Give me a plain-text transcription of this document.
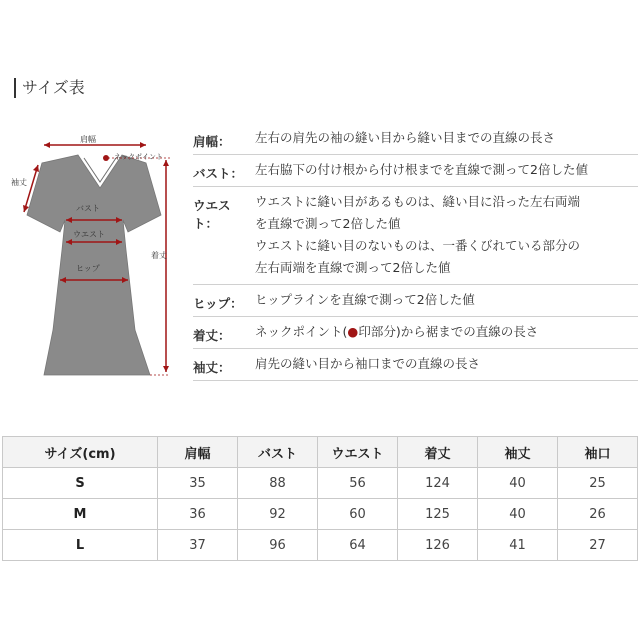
サイズ表
肩幅
ネックポイント
袖丈
バスト
ウエスト
ヒップ
着丈
肩幅：	左右の肩先の袖の縫い目から縫い目までの直線の長さ
バスト： 左右脇下の付け根から付け根までを直線で測って2倍した値
ウエスト：
ウエストに縫い目があるものは、縫い目に沿った左右両端
を直線で測って2倍した値
ウエストに縫い目のないものは、一番くびれている部分の
左右両端を直線で測って2倍した値
ヒップ： ヒップラインを直線で測って2倍した値
着丈：	ネックポイント(●印部分)から裾までの直線の長さ
袖丈：	肩先の縫い目から袖口までの直線の長さ
サイズ(cm)	肩幅	バスト	ウエスト	着丈	袖丈	袖口
S	35	88	56	124	40	25
M	36	92	60	125	40	26
L	37	96	64	126	41	27
